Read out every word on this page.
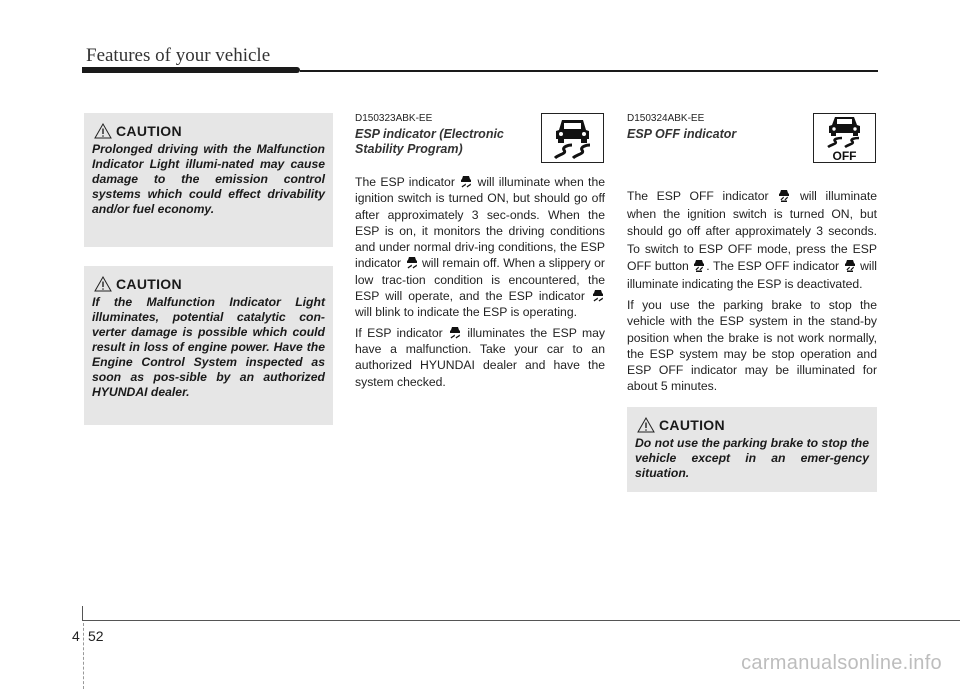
Features of your vehicle
CAUTION
Prolonged driving with the Malfunction Indicator Light illumi-nated may cause damage to the emission control systems which could effect drivability and/or fuel economy.
CAUTION
If the Malfunction Indicator Light illuminates, potential catalytic con-verter damage is possible which could result in loss of engine power. Have the Engine Control System inspected as soon as pos-sible by an authorized HYUNDAI dealer.
D150323ABK-EE
ESP indicator (Electronic
Stability Program)

The ESP indicator will illuminate when the ignition switch is turned ON, but should go off after approximately 3 sec-onds. When the ESP is on, it monitors the driving conditions and under normal driv-ing conditions, the ESP indicator will remain off. When a slippery or low trac-tion condition is encountered, the ESP will operate, and the ESP indicator  will blink to indicate the ESP is operating.

If ESP indicator illuminates the ESP may have a malfunction. Take your car to an authorized HYUNDAI dealer and have the system checked.

D150324ABK-EE
ESP OFF indicator
OFF

The ESP OFF indicator	will illuminate when the ignition switch is turned ON, but should go off after approximately 3 seconds. To switch to ESP OFF mode, press the ESP OFF button . The ESP OFF indicator will illuminate indicating the ESP is deactivated.

If you use the parking brake to stop the vehicle with the ESP system in the stand-by position when the brake is not work normally, the ESP system may be stop operation and ESP OFF indicator may be illuminated for about 5 minutes.

CAUTION
Do not use the parking brake to stop the vehicle except in an emer-gency situation.
4 52
carmanualsonline.info
